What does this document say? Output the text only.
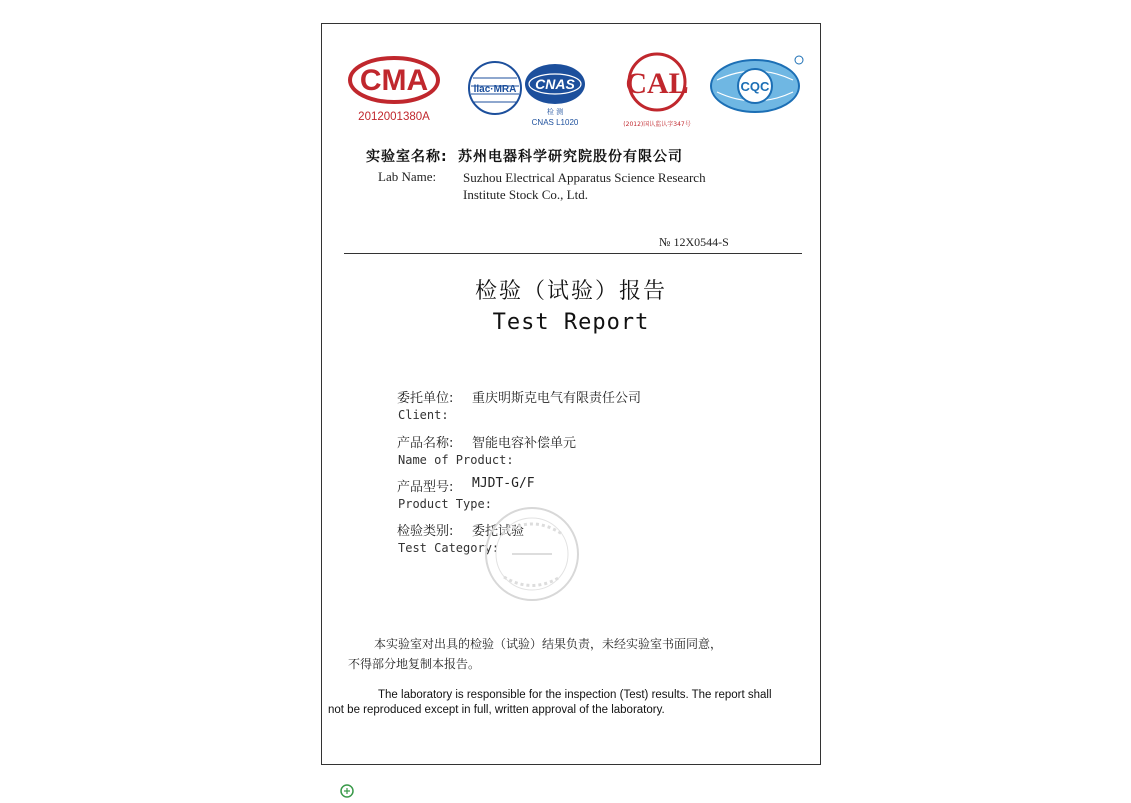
CMA
2012001380A
ilac·MRA CNAS
检 测
CNAS L1020
CAL
(2012)国认监认字347号
CQC
实验室名称: 苏州电器科学研究院股份有限公司
Lab Name: Suzhou Electrical Apparatus Science Research
Institute Stock Co., Ltd.
№ 12X0544-S
检验（试验）报告
Test Report
委托单位: 重庆明斯克电气有限责任公司
Client:
产品名称: 智能电容补偿单元
Name of Product:
产品型号: MJDT-G/F
Product Type:
检验类别: 委托试验
Test Category:
本实验室对出具的检验（试验）结果负责，未经实验室书面同意，
不得部分地复制本报告。
The laboratory is responsible for the inspection (Test) results. The report shall
not be reproduced except in full, written approval of the laboratory.
